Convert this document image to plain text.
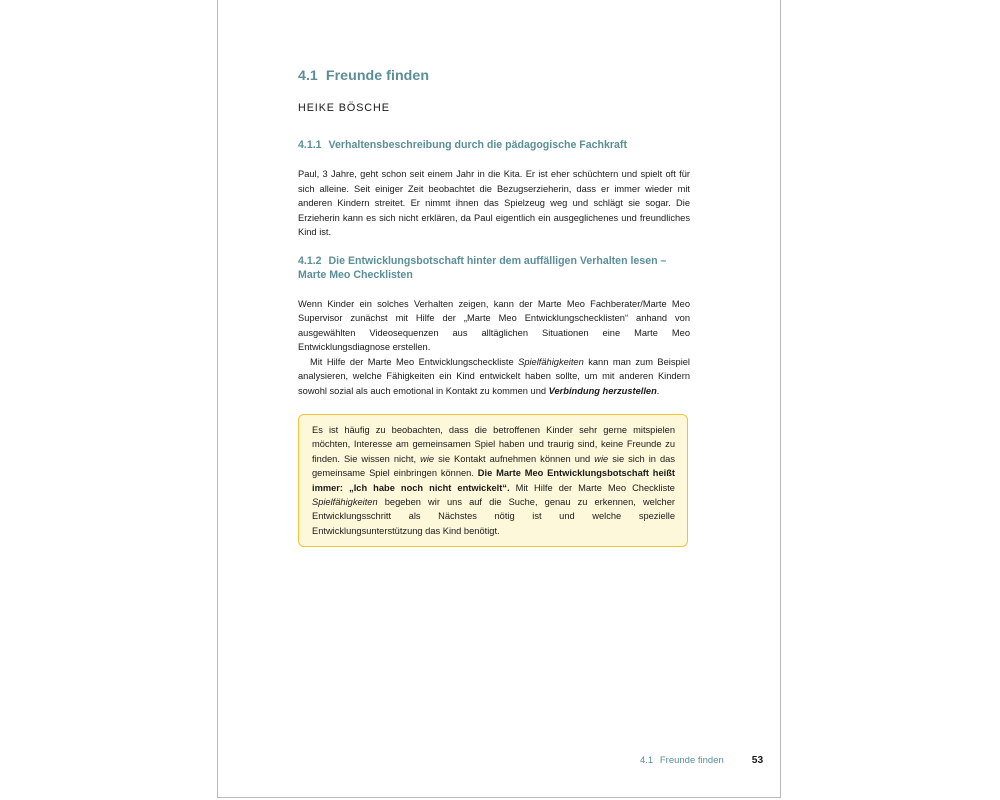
4.1 Freunde finden
HEIKE BÖSCHE
4.1.1 Verhaltensbeschreibung durch die pädagogische Fachkraft

Paul, 3 Jahre, geht schon seit einem Jahr in die Kita. Er ist eher schüchtern und spielt oft für sich alleine. Seit einiger Zeit beobachtet die Bezugserzieherin, dass er immer wieder mit anderen Kindern streitet. Er nimmt ihnen das Spielzeug weg und schlägt sie sogar. Die Erzieherin kann es sich nicht erklären, da Paul eigentlich ein ausgeglichenes und freundliches Kind ist.

4.1.2 Die Entwicklungsbotschaft hinter dem auffälligen Verhalten lesen –
Marte Meo Checklisten

Wenn Kinder ein solches Verhalten zeigen, kann der Marte Meo Fachberater/Marte Meo Supervisor zunächst mit Hilfe der „Marte Meo Entwicklungschecklisten“ anhand von ausgewählten Videosequenzen aus alltäglichen Situationen eine Marte Meo Entwicklungsdiagnose erstellen.

Mit Hilfe der Marte Meo Entwicklungscheckliste Spielfähigkeiten kann man zum Beispiel analysieren, welche Fähigkeiten ein Kind entwickelt haben sollte, um mit anderen Kindern sowohl sozial als auch emotional in Kontakt zu kommen und Verbindung herzustellen.

Es ist häufig zu beobachten, dass die betroffenen Kinder sehr gerne mitspielen möchten, Interesse am gemeinsamen Spiel haben und traurig sind, keine Freunde zu finden. Sie wissen nicht, wie sie Kontakt aufnehmen können und wie sie sich in das gemeinsame Spiel einbringen können. Die Marte Meo Entwicklungsbotschaft heißt immer: „Ich habe noch nicht entwickelt“. Mit Hilfe der Marte Meo Checkliste Spielfähigkeiten begeben wir uns auf die Suche, genau zu erkennen, welcher Entwicklungsschritt als Nächstes nötig ist und welche spezielle Entwicklungsunterstützung das Kind benötigt.

4.1 Freunde finden	53
